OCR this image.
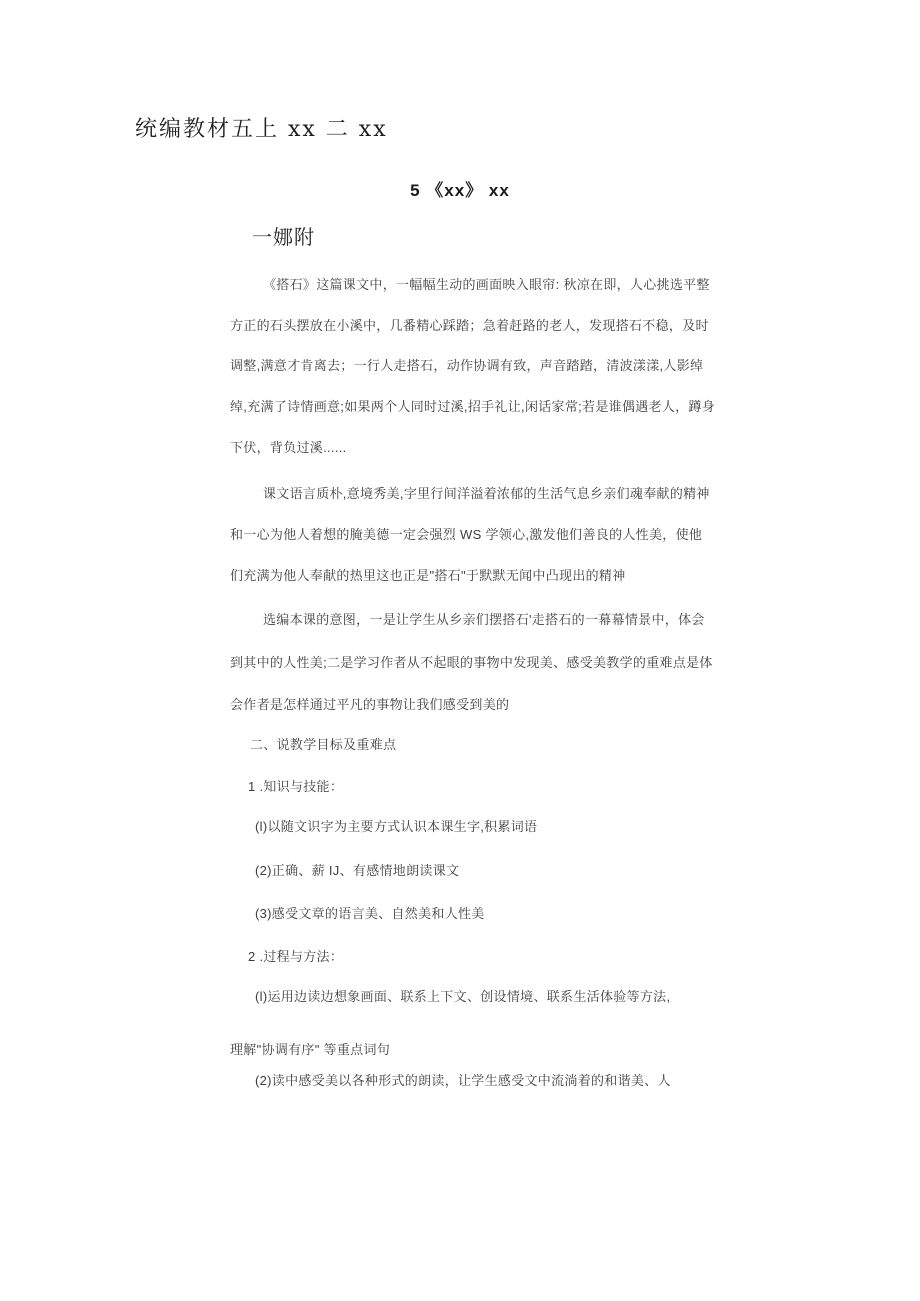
统编教材五上 xx 二 xx
5 《xx》 xx
一娜附
《搭石》这篇课文中，一幅幅生动的画面映入眼帘: 秋凉在即，人心挑选平整
方正的石头摆放在小溪中，几番精心踩踏；急着赶路的老人，发现搭石不稳，及时
调整,满意才肯离去；一行人走搭石，动作协调有致，声音踏踏，清波漾漾,人影绰
绰,充满了诗情画意;如果两个人同时过溪,招手礼让,闲话家常;若是谁偶遇老人，蹲身
下伏，背负过溪......
课文语言质朴,意境秀美,字里行间洋溢着浓郁的生活气息乡亲们魂奉献的精神
和一心为他人着想的腌美德一定会强烈 WS 学领心,激发他们善良的人性美，使他
们充满为他人奉献的热里这也正是"搭石"于默默无闻中凸现出的精神
选编本课的意图，一是让学生从乡亲们摆搭石'走搭石的一幕幕情景中，体会
到其中的人性美;二是学习作者从不起眼的事物中发现美、感受美教学的重难点是体
会作者是怎样通过平凡的事物让我们感受到美的
二、说教学目标及重难点
1 .知识与技能：
(l)以随文识字为主要方式认识本课生字,积累词语
(2)正确、薪 IJ、有感情地朗读课文
(3)感受文章的语言美、自然美和人性美
2 .过程与方法：
(l)运用边读边想象画面、联系上下文、创设情境、联系生活体验等方法,
理解"协调有序" 等重点词句
(2)读中感受美以各种形式的朗读，让学生感受文中流淌着的和谐美、人
